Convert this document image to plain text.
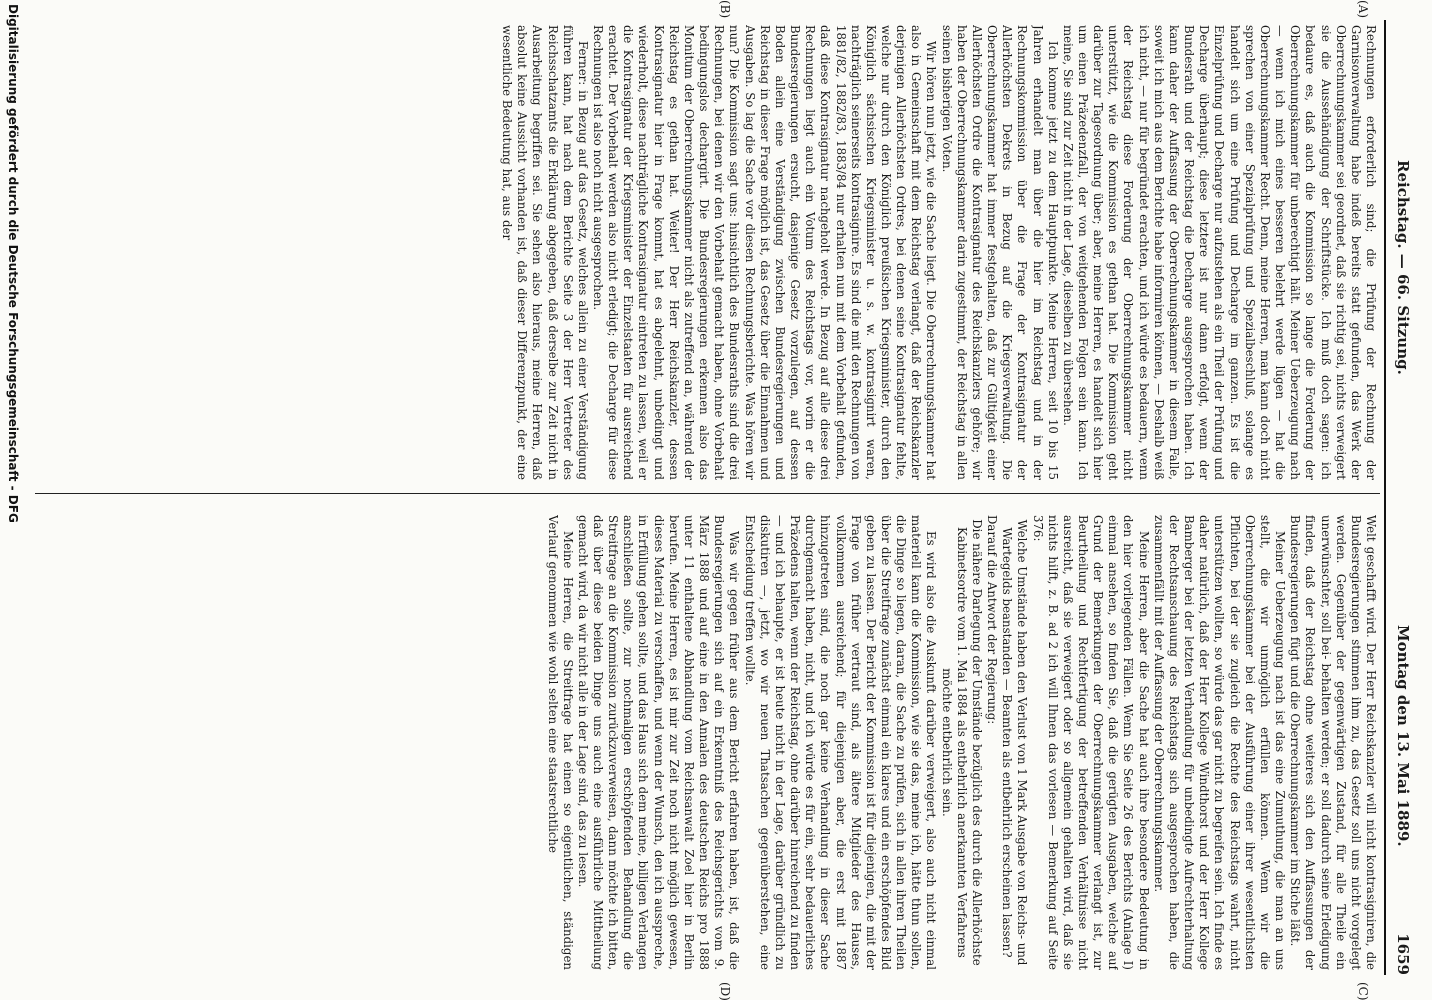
Reichstag. — 66. Sitzung.
Montag den 13. Mai 1889.
1659
(A)
(B)
(C)
(D)

Rechnungen erforderlich sind; die Prüfung der Rechnung der Garnisonverwaltung habe indeß bereits statt gefunden, das Werk der Oberrechnungskammer sei geordnet, daß sie richtig sei, nichts verweigert sie die Aussehändigung der Schriftstücke. Ich muß doch sagen: ich bedaure es, daß auch die Kommission so lange die Forderung der Oberrechnungskammer für unberechtigt hält. Meiner Ueberzeugung nach — wenn ich mich eines besseren belehrt werde lügen — hat die Oberrechnungskammer Recht. Denn, meine Herren, man kann doch nicht sprechen von einer Spezialprüfung und Spezialbeschluß, solange es handelt sich um eine Prüfung und Decharge im ganzen. Es ist die Einzelprüfung und Decharge nur aufzustehen als ein Theil der Prüfung und Decharge überhaupt; diese letztere ist nur dann erfolgt, wenn der Bundesrath und der Reichstag die Decharge ausgesprochen haben. Ich kann daher der Auffassung der Oberrechnungskammer in diesem Falle, soweit ich mich aus dem Berichte habe informiren können, — Deshalb weiß ich nicht, — nur für begründet erachten, und ich würde es bedauern, wenn der Reichstag diese Forderung der Oberrechnungskammer nicht unterstützt, wie die Kommission es gethan hat. Die Kommission geht darüber zur Tagesordnung über; aber, meine Herren, es handelt sich hier um einen Präzedenzfall, der von weitgehenden Folgen sein kann. Ich meine, Sie sind zur Zeit nicht in der Lage, dieselben zu übersehen.

Ich komme jetzt zu dem Hauptpunkte. Meine Herren, seit 10 bis 15 Jahren erhandelt man über die hier im Reichstag und in der Rechnungskommission über die Frage der Kontrasignatur der Allerhöchsten Dekrets in Bezug auf die Kriegsverwaltung. Die Oberrechnungskammer hat immer festgehalten, daß zur Gültigkeit einer Allerhöchsten Ordre die Kontrasignatur des Reichskanzlers gehöre; wir haben der Oberrechnungskammer darin zugestimmt, der Reichstag in allen seinen bisherigen Voten.

Wir hören nun jetzt, wie die Sache liegt. Die Oberrechnungskammer hat also in Gemeinschaft mit dem Reichstag verlangt, daß der Reichskanzler derjenigen Allerhöchsten Ordres, bei denen seine Kontrasignatur fehlte, welche nur durch den Königlich preußischen Kriegsminister, durch den Königlich sächsischen Kriegsminister u. s. w. kontrasignirt waren, nachträglich seinerseits kontrasignire. Es sind die mit den Rechnungen von 1881/82, 1882/83, 1883/84 nur erhalten nun mit dem Vorbehalt gefunden, daß diese Kontrasignatur nachgeholt werde. In Bezug auf alle diese drei Rechnungen liegt auch ein Votum des Reichstags vor, worin er die Bundesregierungen ersucht, dasjenige Gesetz vorzulegen, auf dessen Boden allein eine Verständigung zwischen Bundesregierungen und Reichstag in dieser Frage möglich ist, das Gesetz über die Einnahmen und Ausgaben. So lag die Sache vor diesen Rechnungsberichte. Was hören wir nun? Die Kommission sagt uns: hinsichtlich des Bundesraths sind die drei Rechnungen, bei denen wir den Vorbehalt gemacht haben, ohne Vorbehalt bedingungslos dechargirt. Die Bundesregierungen erkennen also das Monitum der Oberrechnungskammer nicht als zutreffend an, während der Reichstag es gethan hat. Weiter! Der Herr Reichskanzler, dessen Kontrasignatur hier in Frage kommt, hat es abgelehnt, unbedingt und wiederholt, diese nachträgliche Kontrasignatur eintreten zu lassen, weil er die Kontrasignatur der Kriegsminister der Einzelstaaten für ausreichend erachtet. Der Vorbehalt werden also nicht erledigt; die Decharge für diese Rechnungen ist also noch nicht ausgesprochen.

Ferner: in Bezug auf das Gesetz, welches allein zu einer Verständigung führen kann, hat nach dem Berichte Seite 3 der Herr Vertreter des Reichsschatzamts die Erklärung abgegeben, daß derselbe zur Zeit nicht in Ausarbeitung begriffen sei. Sie sehen also hieraus, meine Herren, daß absolut keine Aussicht vorhanden ist, daß dieser Differenzpunkt, der eine wesentliche Bedeutung hat, aus der

Welt geschafft wird. Der Herr Reichskanzler will nicht kontrasigniren, die Bundesregierungen stimmen ihm zu, das Gesetz soll uns nicht vorgelegt werden. Gegenüber der gegenwärtigen Zustand, für alle Theile ein unerwünschter, soll bei- behalten werden; er soll dadurch seine Erledigung finden, daß der Reichstag ohne weiteres sich den Auffassungen der Bundesregierungen fügt und die Oberrechnungskammer im Stiche läßt.

Meiner Ueberzeugung nach ist das eine Zumuthung, die man an uns stellt, die wir unmöglich erfüllen können. Wenn wir die Oberrechnungskammer bei der Ausführung einer ihrer wesentlichsten Pflichten, bei der sie zugleich die Rechte des Reichstags wahrt, nicht unterstützen wollten, so würde das gar nicht zu begreifen sein. Ich finde es daher natürlich, daß der Herr Kollege Windthorst und der Herr Kollege Bamberger bei der letzten Verhandlung für unbedingte Aufrechterhaltung der Rechtsanschauung des Reichstags sich ausgesprochen haben, die zusammenfällt mit der Auffassung der Oberrechnungskammer.

Meine Herren, aber die Sache hat auch ihre besondere Bedeutung in den hier vorliegenden Fällen. Wenn Sie Seite 26 des Berichts (Anlage I) einmal ansehen, so finden Sie, daß die gerügten Ausgaben, welche auf Grund der Bemerkungen der Oberrechnungskammer verlangt ist, zur Beurtheilung und Rechtfertigung der betreffenden Verhältnisse nicht ausreicht, daß sie verweigert oder so allgemein gehalten wird, daß sie nichts hilft, z. B. ad 2 ich will Ihnen das vorlesen — Bemerkung auf Seite 376:

Welche Umstände haben den Verlust von 1 Mark Ausgabe von Reichs- und Wartegelds beanstanden — Beamten als entbehrlich erscheinen lassen?

Darauf die Antwort der Regierung:

Die nähere Darlegung der Umstände bezüglich des durch die Allerhöchste Kabinetsordre vom 1. Mai 1884 als entbehrlich anerkannten Verfahrens möchte entbehrlich sein.

Es wird also die Auskunft darüber verweigert, also auch nicht einmal materiell kann die Kommission, wie sie das, meine ich, hätte thun sollen, die Dinge so liegen, daran, die Sache zu prüfen, sich in allen ihren Theilen über die Streitfrage zunächst einmal ein klares und ein erschöpfendes Bild geben zu lassen. Der Bericht der Kommission ist für diejenigen, die mit der Frage von früher vertraut sind, als ältere Mitglieder des Hauses, vollkommen ausreichend; für diejenigen aber, die erst mit 1887 hinzugetreten sind, die noch gar keine Verhandlung in dieser Sache durchgemacht haben, nicht, und ich würde es für ein, sehr bedauerliches Präzedens halten, wenn der Reichstag, ohne darüber hinreichend zu finden — und ich behaupte, er ist heute nicht in der Lage, darüber gründlich zu diskutiren —, jetzt, wo wir neuen Thatsachen gegenüberstehen, eine Entscheidung treffen wollte.

Was wir gegen früher aus dem Bericht erfahren haben, ist, daß die Bundesregierungen sich auf ein Erkenntniß des Reichsgerichts vom 9. März 1888 und auf eine in den Annalen des deutschen Reichs pro 1888 unter 11 enthaltene Abhandlung vom Reichsanwalt Zoel hier in Berlin berufen. Meine Herren, es ist mir zur Zeit noch nicht möglich gewesen, dieses Material zu verschaffen, und wenn der Wunsch, den ich ausspreche, in Erfüllung gehen sollte, und das Haus sich dem meine, billigen Verlangen anschließen sollte, zur nochmaligen erschöpfenden Behandlung die Streitfrage an die Kommission zurückzuverweisen, dann möchte ich bitten, daß über diese beiden Dinge uns auch eine ausführliche Mittheilung gemacht wird, da wir nicht alle in der Lage sind, das zu lesen.

Meine Herren, die Streitfrage hat einen so eigentlichen, ständigen Verlauf genommen wie wohl selten eine staatsrechtliche

Digitalisierung gefördert durch die Deutsche Forschungsgemeinschaft - DFG
